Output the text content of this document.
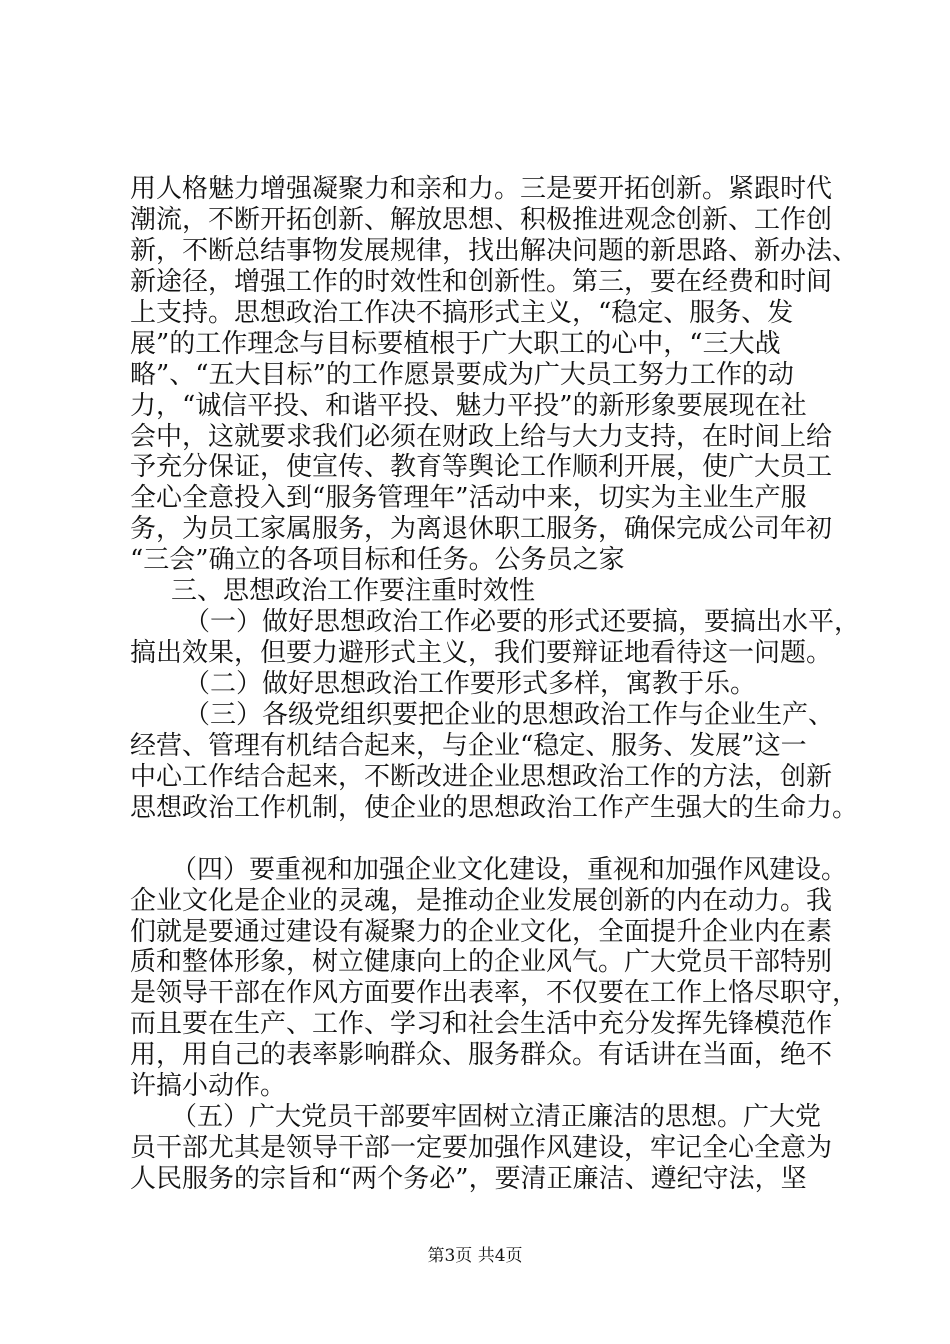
用人格魅力增强凝聚力和亲和力。三是要开拓创新。紧跟时代
潮流，不断开拓创新、解放思想、积极推进观念创新、工作创
新，不断总结事物发展规律，找出解决问题的新思路、新办法、
新途径，增强工作的时效性和创新性。第三，要在经费和时间
上支持。思想政治工作决不搞形式主义，“稳定、服务、发
展”的工作理念与目标要植根于广大职工的心中，“三大战
略”、“五大目标”的工作愿景要成为广大员工努力工作的动
力，“诚信平投、和谐平投、魅力平投”的新形象要展现在社
会中，这就要求我们必须在财政上给与大力支持，在时间上给
予充分保证，使宣传、教育等舆论工作顺利开展，使广大员工
全心全意投入到“服务管理年”活动中来，切实为主业生产服
务，为员工家属服务，为离退休职工服务，确保完成公司年初
“三会”确立的各项目标和任务。公务员之家
三、思想政治工作要注重时效性
（一）做好思想政治工作必要的形式还要搞，要搞出水平，
搞出效果，但要力避形式主义，我们要辩证地看待这一问题。
（二）做好思想政治工作要形式多样，寓教于乐。
（三）各级党组织要把企业的思想政治工作与企业生产、
经营、管理有机结合起来，与企业“稳定、服务、发展”这一
中心工作结合起来，不断改进企业思想政治工作的方法，创新
思想政治工作机制，使企业的思想政治工作产生强大的生命力。
（四）要重视和加强企业文化建设，重视和加强作风建设。
企业文化是企业的灵魂，是推动企业发展创新的内在动力。我
们就是要通过建设有凝聚力的企业文化，全面提升企业内在素
质和整体形象，树立健康向上的企业风气。广大党员干部特别
是领导干部在作风方面要作出表率，不仅要在工作上恪尽职守，
而且要在生产、工作、学习和社会生活中充分发挥先锋模范作
用，用自己的表率影响群众、服务群众。有话讲在当面，绝不
许搞小动作。
（五）广大党员干部要牢固树立清正廉洁的思想。广大党
员干部尤其是领导干部一定要加强作风建设，牢记全心全意为
人民服务的宗旨和“两个务必”，要清正廉洁、遵纪守法，坚
第3页 共4页
